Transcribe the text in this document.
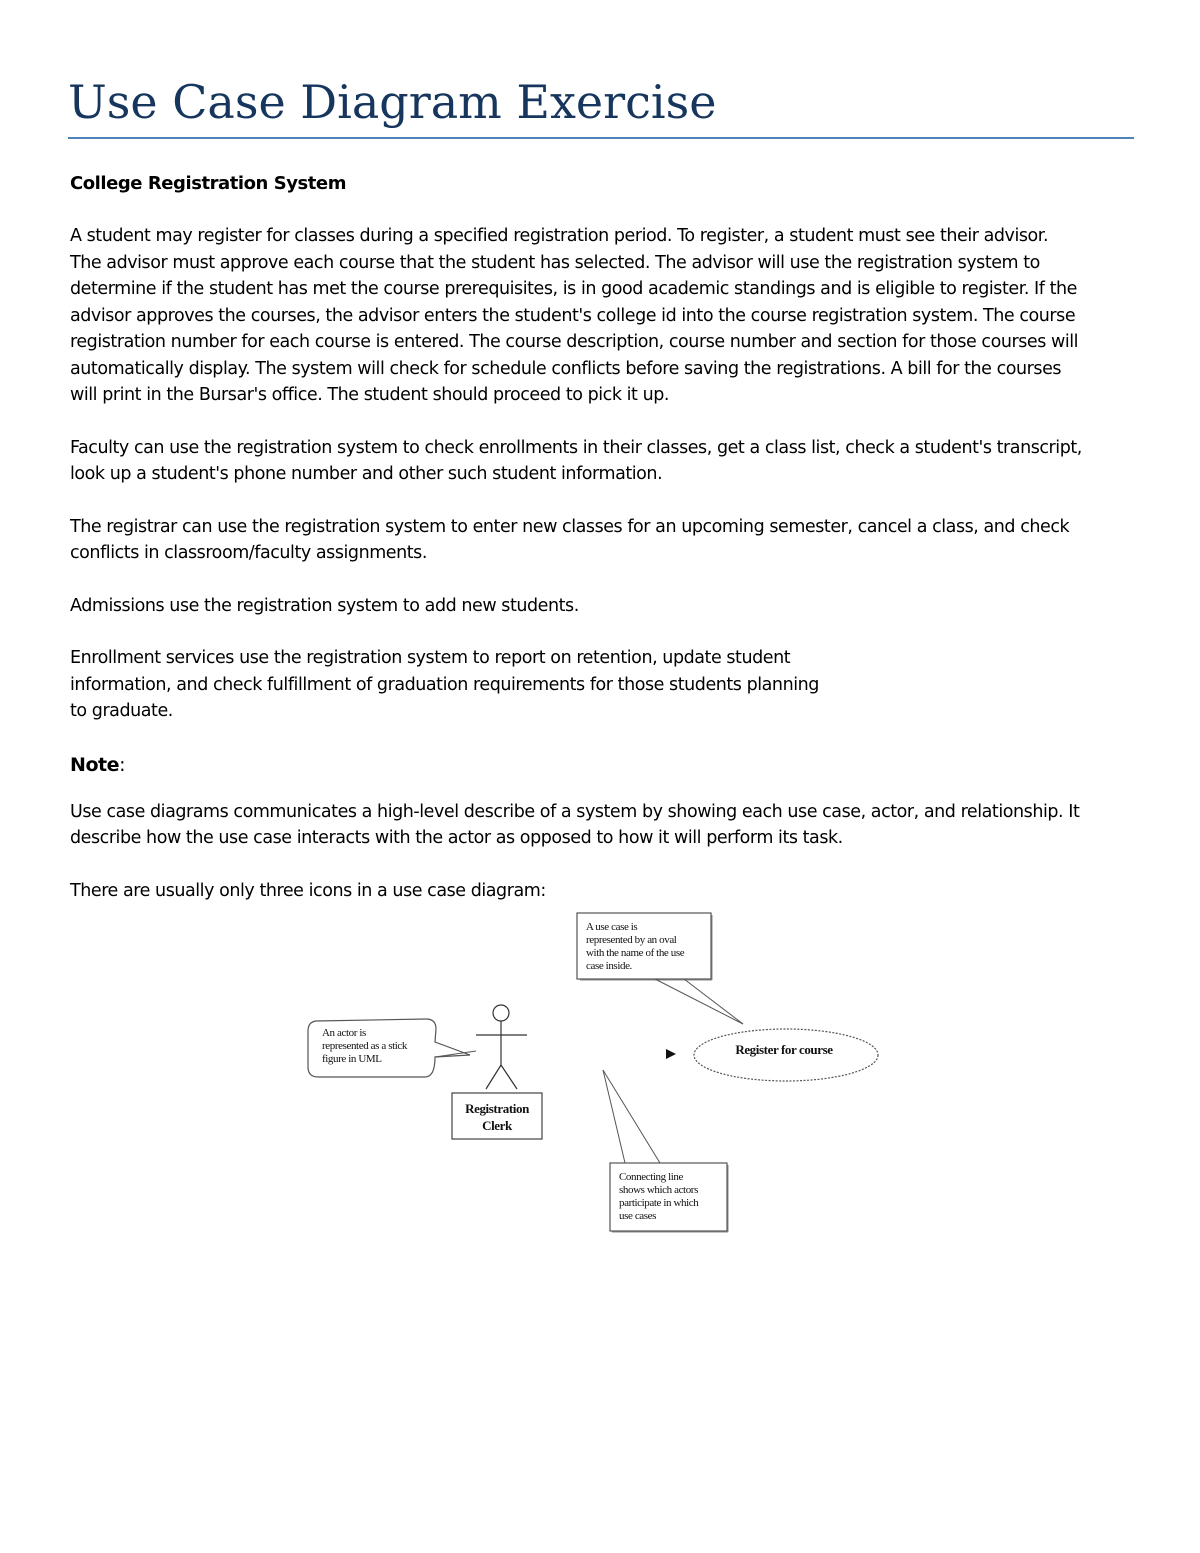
Use Case Diagram Exercise
College Registration System

A student may register for classes during a specified registration period. To register, a student must see their advisor.
The advisor must approve each course that the student has selected. The advisor will use the registration system to
determine if the student has met the course prerequisites, is in good academic standings and is eligible to register. If the
advisor approves the courses, the advisor enters the student's college id into the course registration system. The course
registration number for each course is entered. The course description, course number and section for those courses will
automatically display. The system will check for schedule conflicts before saving the registrations. A bill for the courses
will print in the Bursar's office. The student should proceed to pick it up.

Faculty can use the registration system to check enrollments in their classes, get a class list, check a student's transcript,
look up a student's phone number and other such student information.

The registrar can use the registration system to enter new classes for an upcoming semester, cancel a class, and check
conflicts in classroom/faculty assignments.

Admissions use the registration system to add new students.

Enrollment services use the registration system to report on retention, update student
information, and check fulfillment of graduation requirements for those students planning
to graduate.

Note:

Use case diagrams communicates a high-level describe of a system by showing each use case, actor, and relationship. It
describe how the use case interacts with the actor as opposed to how it will perform its task.

There are usually only three icons in a use case diagram:

A use case is
represented by an oval
with the name of the use
case inside.
An actor is
represented as a stick
figure in UML
Registration
Clerk
Register for course
Connecting line
shows which actors
participate in which
use cases
